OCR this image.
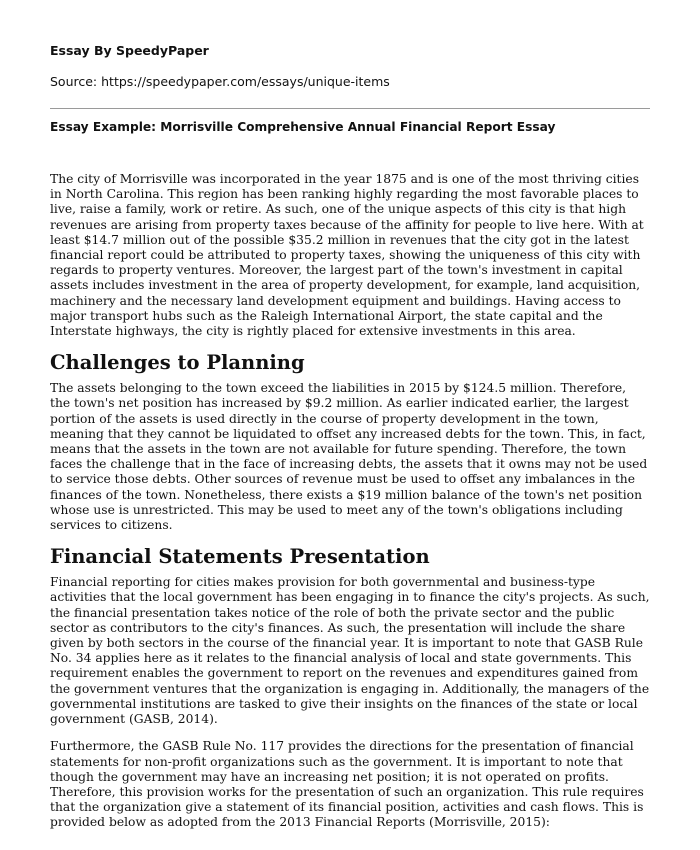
Essay By SpeedyPaper
Source: https://speedypaper.com/essays/unique-items
Essay Example: Morrisville Comprehensive Annual Financial Report Essay

The city of Morrisville was incorporated in the year 1875 and is one of the most thriving cities in North Carolina. This region has been ranking highly regarding the most favorable places to live, raise a family, work or retire. As such, one of the unique aspects of this city is that high revenues are arising from property taxes because of the affinity for people to live here. With at least $14.7 million out of the possible $35.2 million in revenues that the city got in the latest financial report could be attributed to property taxes, showing the uniqueness of this city with regards to property ventures. Moreover, the largest part of the town's investment in capital assets includes investment in the area of property development, for example, land acquisition, machinery and the necessary land development equipment and buildings. Having access to major transport hubs such as the Raleigh International Airport, the state capital and the Interstate highways, the city is rightly placed for extensive investments in this area.

Challenges to Planning

The assets belonging to the town exceed the liabilities in 2015 by $124.5 million. Therefore, the town's net position has increased by $9.2 million. As earlier indicated earlier, the largest portion of the assets is used directly in the course of property development in the town, meaning that they cannot be liquidated to offset any increased debts for the town. This, in fact, means that the assets in the town are not available for future spending. Therefore, the town faces the challenge that in the face of increasing debts, the assets that it owns may not be used to service those debts. Other sources of revenue must be used to offset any imbalances in the finances of the town. Nonetheless, there exists a $19 million balance of the town's net position whose use is unrestricted. This may be used to meet any of the town's obligations including services to citizens.

Financial Statements Presentation

Financial reporting for cities makes provision for both governmental and business-type activities that the local government has been engaging in to finance the city's projects. As such, the financial presentation takes notice of the role of both the private sector and the public sector as contributors to the city's finances. As such, the presentation will include the share given by both sectors in the course of the financial year. It is important to note that GASB Rule No. 34 applies here as it relates to the financial analysis of local and state governments. This requirement enables the government to report on the revenues and expenditures gained from the government ventures that the organization is engaging in. Additionally, the managers of the governmental institutions are tasked to give their insights on the finances of the state or local government (GASB, 2014).

Furthermore, the GASB Rule No. 117 provides the directions for the presentation of financial statements for non-profit organizations such as the government. It is important to note that though the government may have an increasing net position; it is not operated on profits. Therefore, this provision works for the presentation of such an organization. This rule requires that the organization give a statement of its financial position, activities and cash flows. This is provided below as adopted from the 2013 Financial Reports (Morrisville, 2015):
